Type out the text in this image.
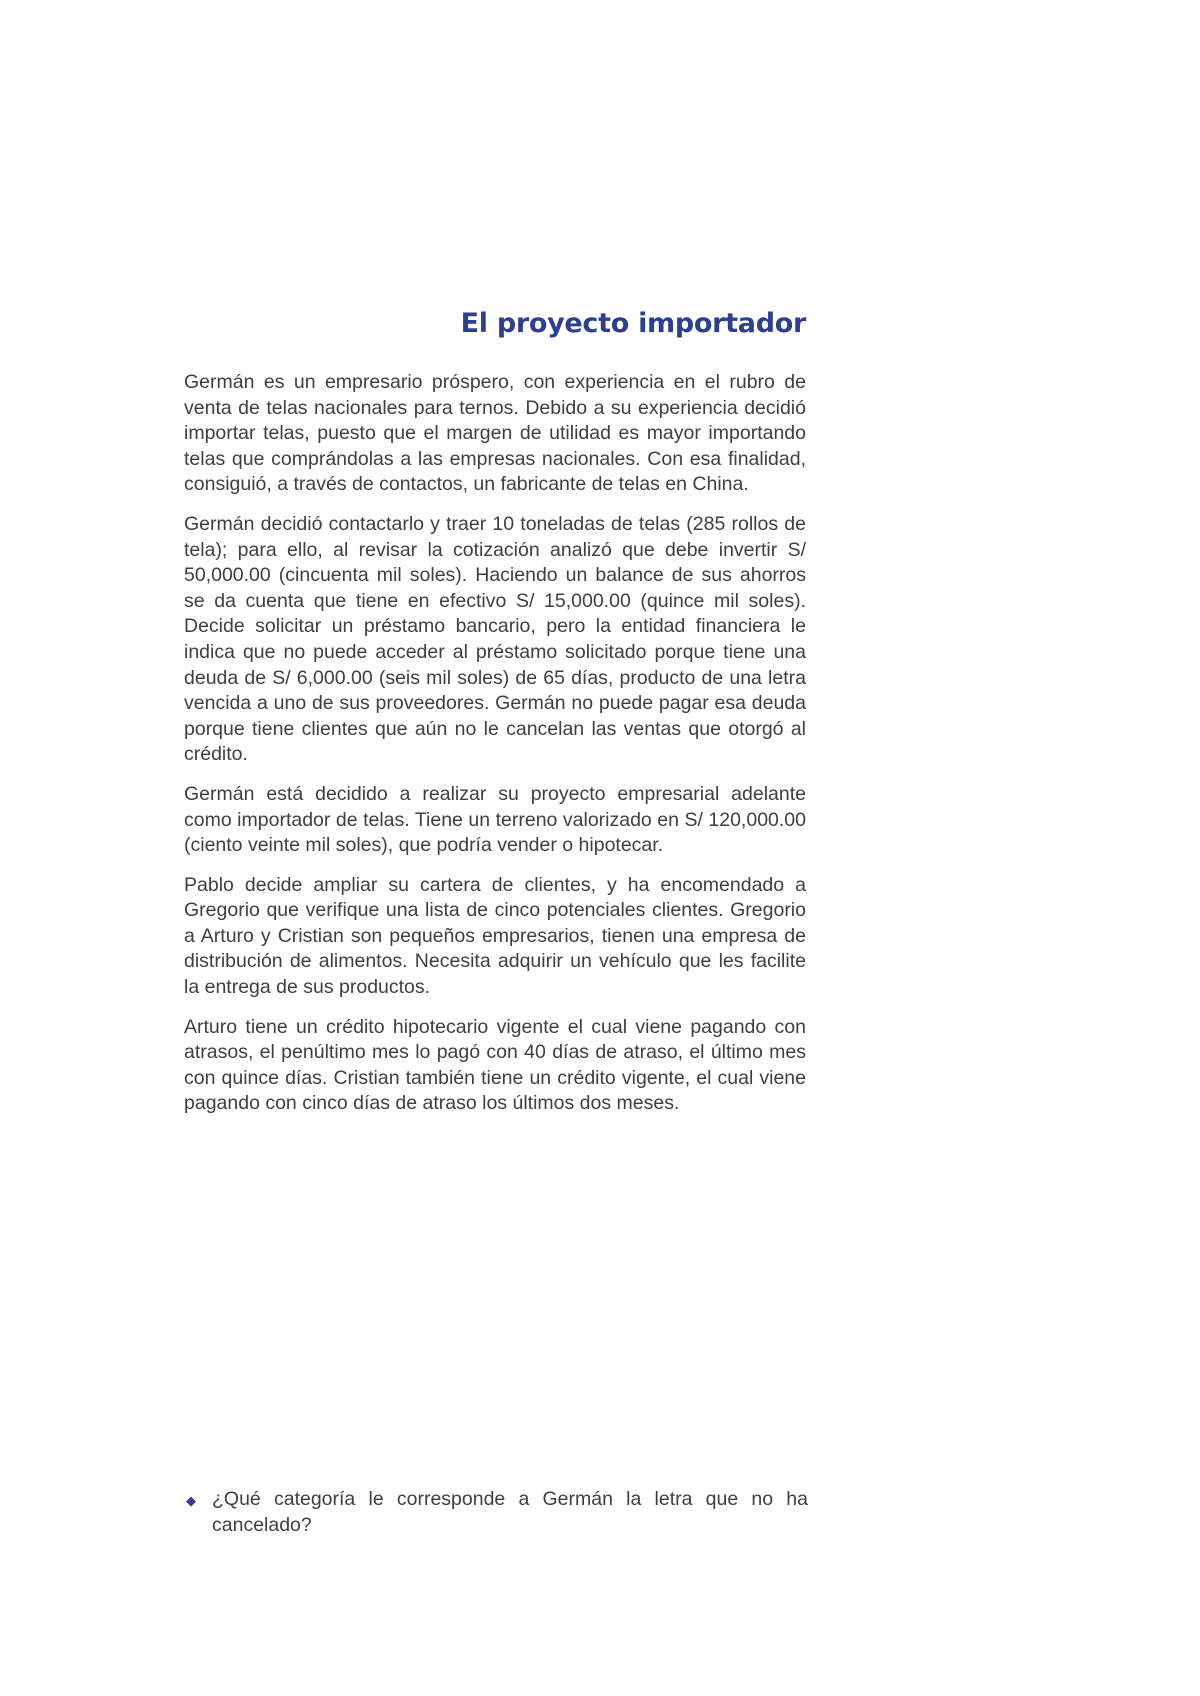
El proyecto importador

Germán es un empresario próspero, con experiencia en el rubro de venta de telas nacionales para ternos. Debido a su experiencia decidió importar telas, puesto que el margen de utilidad es mayor importando telas que comprándolas a las empresas nacionales. Con esa finalidad, consiguió, a través de contactos, un fabricante de telas en China.

Germán decidió contactarlo y traer 10 toneladas de telas (285 rollos de tela); para ello, al revisar la cotización analizó que debe invertir S/ 50,000.00 (cincuenta mil soles). Haciendo un balance de sus ahorros se da cuenta que tiene en efectivo S/ 15,000.00 (quince mil soles). Decide solicitar un préstamo bancario, pero la entidad financiera le indica que no puede acceder al préstamo solicitado porque tiene una deuda de S/ 6,000.00 (seis mil soles) de 65 días, producto de una letra vencida a uno de sus proveedores. Germán no puede pagar esa deuda porque tiene clientes que aún no le cancelan las ventas que otorgó al crédito.

Germán está decidido a realizar su proyecto empresarial adelante como importador de telas. Tiene un terreno valorizado en S/ 120,000.00 (ciento veinte mil soles), que podría vender o hipotecar.

Pablo decide ampliar su cartera de clientes, y ha encomendado a Gregorio que verifique una lista de cinco potenciales clientes. Gregorio a Arturo y Cristian son pequeños empresarios, tienen una empresa de distribución de alimentos. Necesita adquirir un vehículo que les facilite la entrega de sus productos.

Arturo tiene un crédito hipotecario vigente el cual viene pagando con atrasos, el penúltimo mes lo pagó con 40 días de atraso, el último mes con quince días. Cristian también tiene un crédito vigente, el cual viene pagando con cinco días de atraso los últimos dos meses.

◆ ¿Qué categoría le corresponde a Germán la letra que no ha cancelado?
